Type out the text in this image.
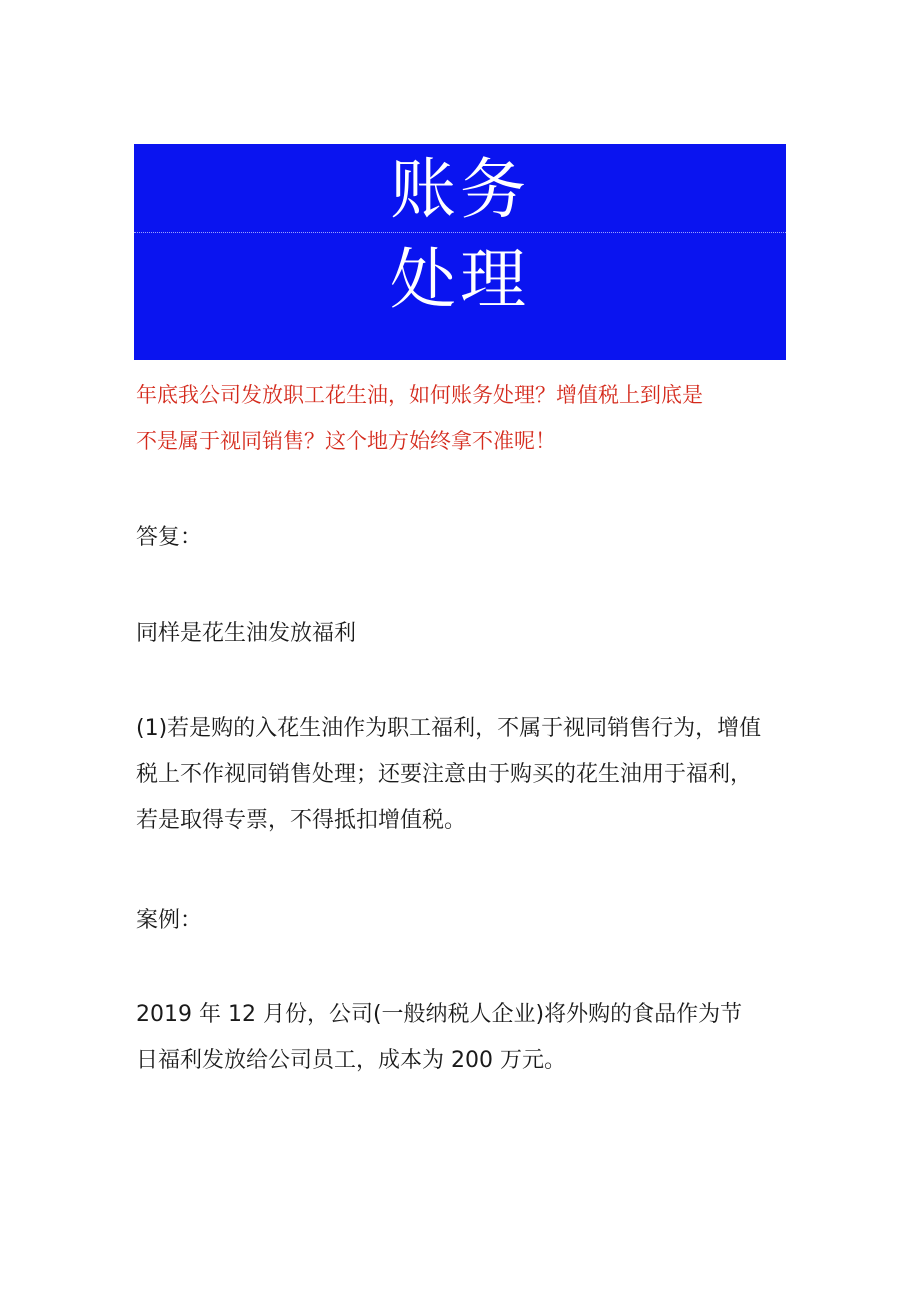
账务
处理
年底我公司发放职工花生油，如何账务处理？增值税上到底是
不是属于视同销售？这个地方始终拿不准呢！
答复：
同样是花生油发放福利
(1)若是购的入花生油作为职工福利，不属于视同销售行为，增值
税上不作视同销售处理；还要注意由于购买的花生油用于福利，
若是取得专票，不得抵扣增值税。
案例：
2019 年 12 月份，公司(一般纳税人企业)将外购的食品作为节
日福利发放给公司员工，成本为 200 万元。
